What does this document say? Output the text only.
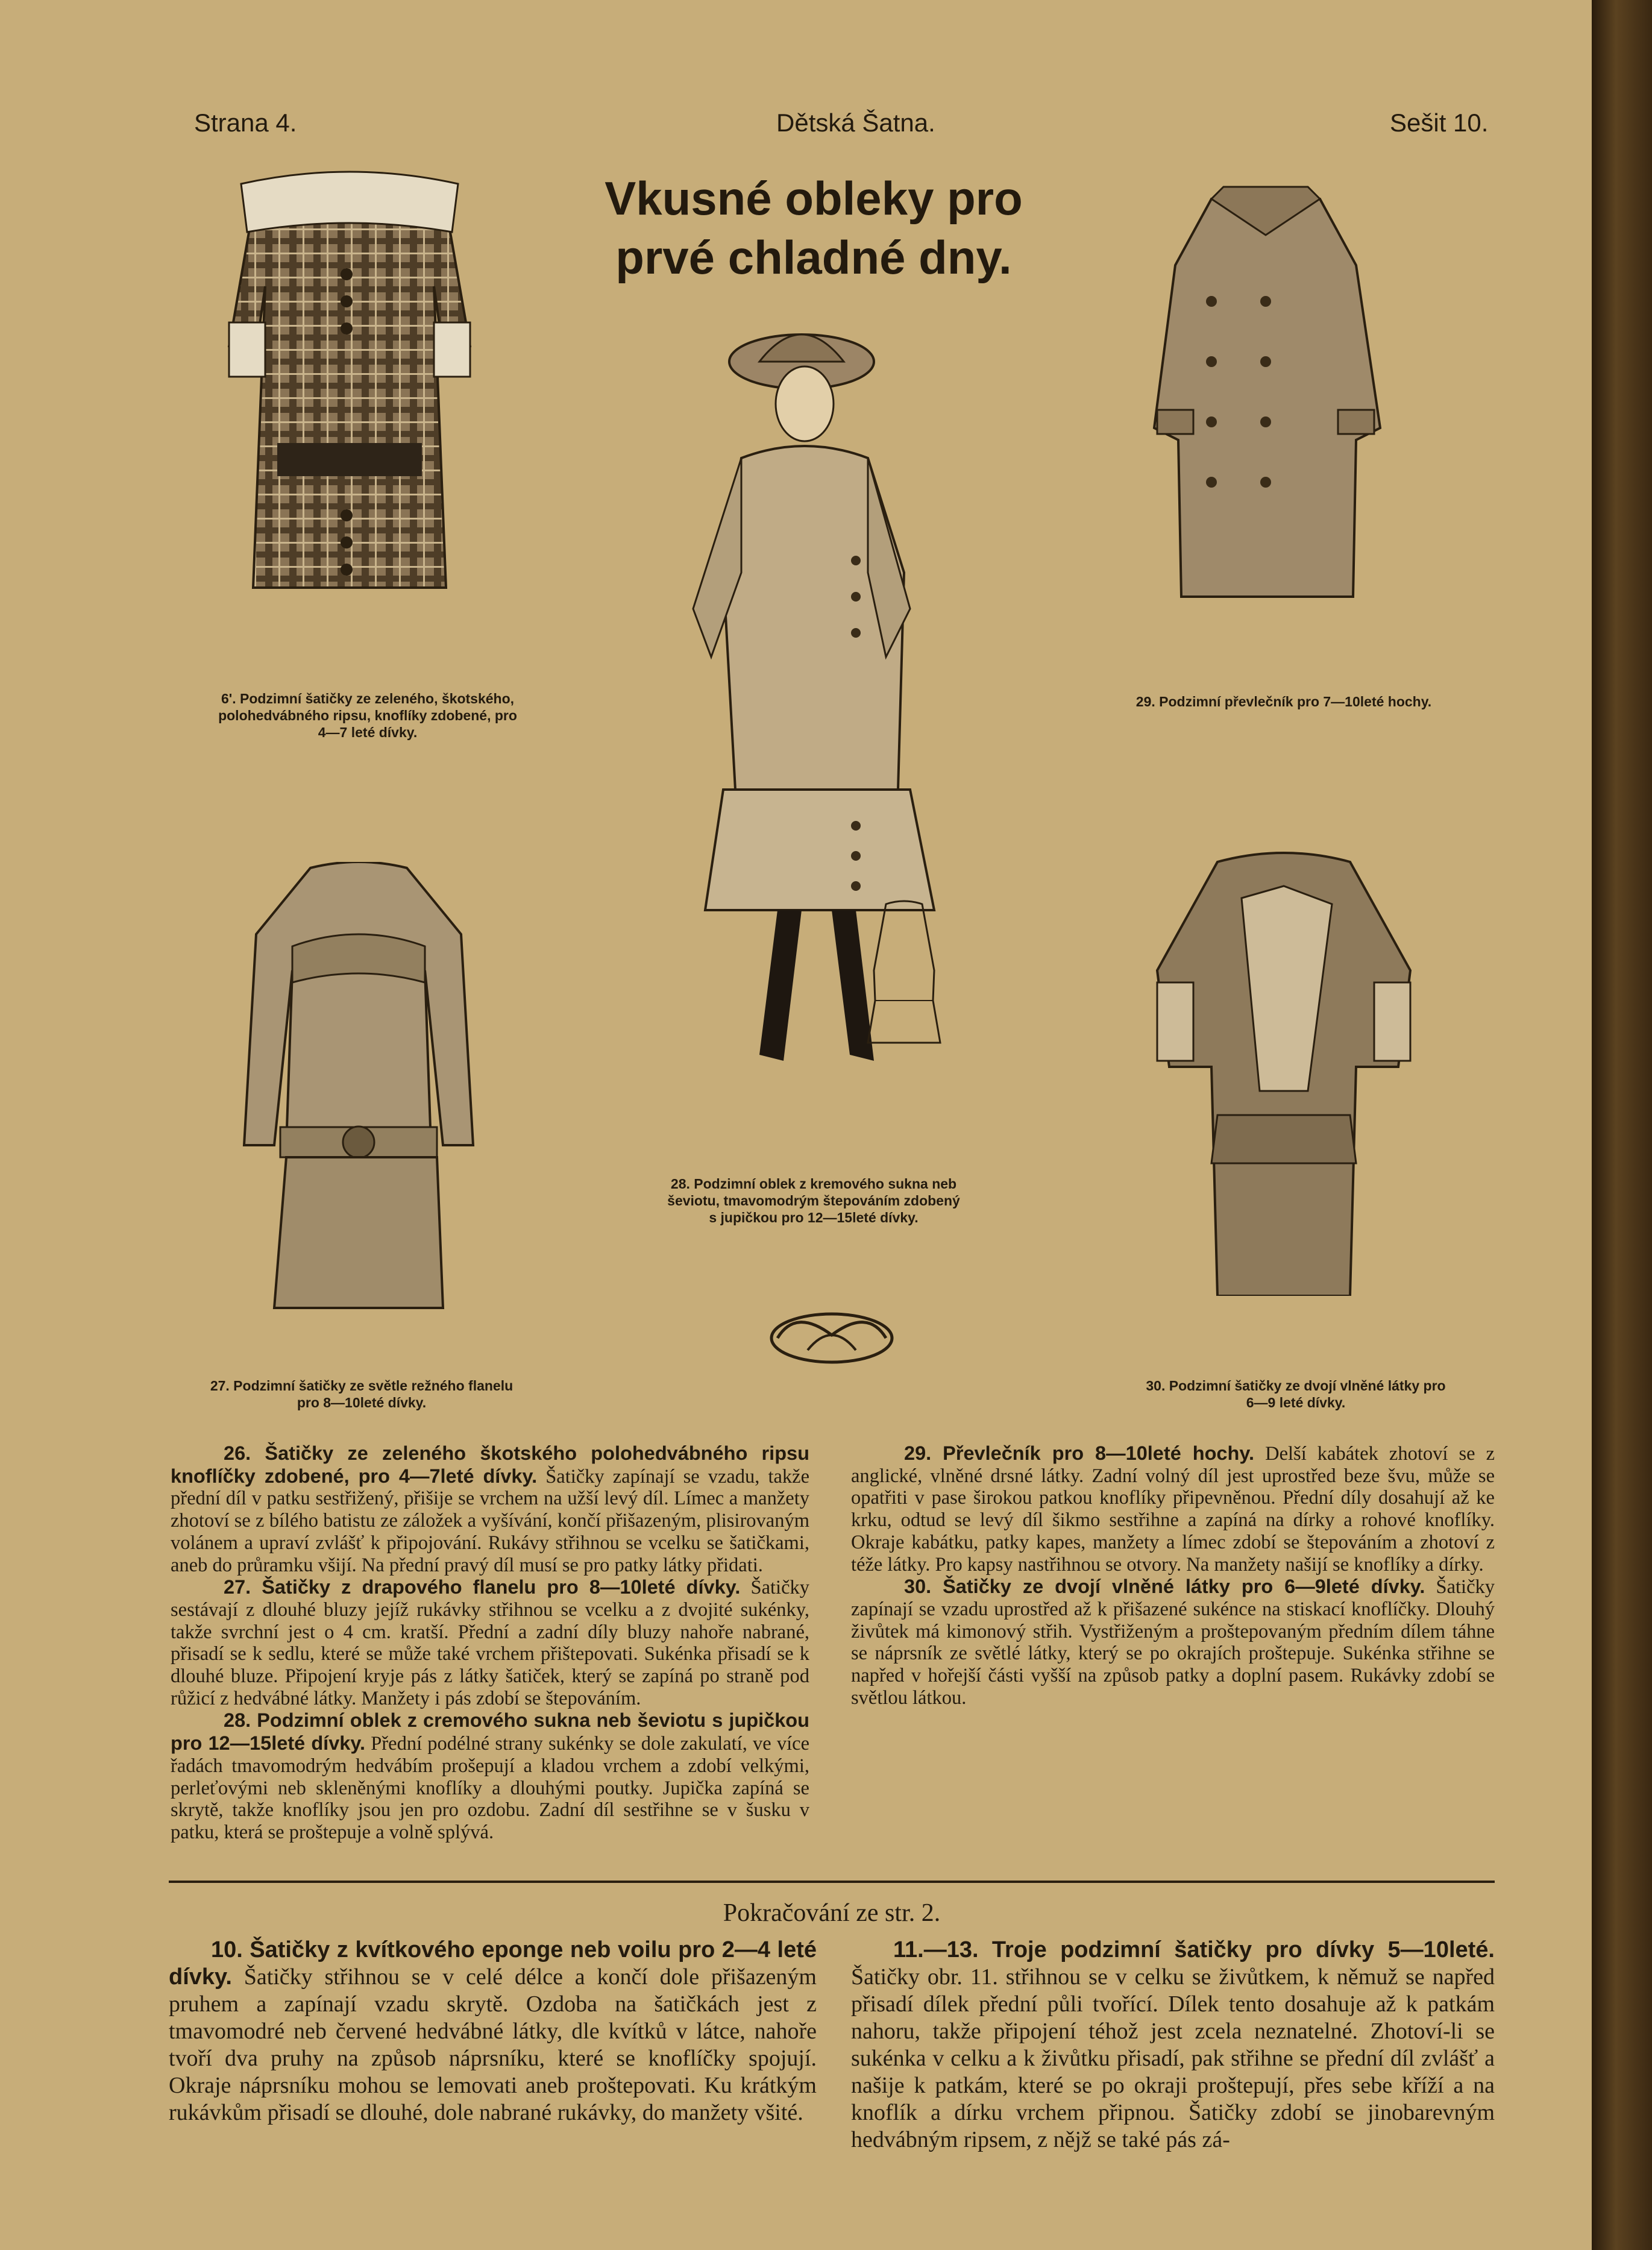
Strana 4.	Dětská Šatna.	Sešit 10.
Vkusné obleky pro
prvé chladné dny.
6'. Podzimní šatičky ze zeleného, škotského,
polohedvábného ripsu, knoflíky zdobené, pro
4—7 leté dívky.
28. Podzimní oblek z kremového sukna neb
ševiotu, tmavomodrým štepováním zdobený
s jupičkou pro 12—15leté dívky.
29. Podzimní převlečník pro 7—10leté hochy.
27. Podzimní šatičky ze světle režného flanelu
pro 8—10leté dívky.
30. Podzimní šatičky ze dvojí vlněné látky pro
6—9 leté dívky.

26. Šatičky ze zeleného škotského polohedvábného ripsu knoflíčky zdobené, pro 4—7leté dívky. Šatičky zapínají se vzadu, takže přední díl v patku sestřižený, přišije se vrchem na užší levý díl. Límec a manžety zhotoví se z bílého batistu ze záložek a vyšívání, končí přišazeným, plisirovaným volánem a upraví zvlášť k připojování. Rukávy střihnou se vcelku se šatičkami, aneb do průramku všijí. Na přední pravý díl musí se pro patky látky přidati.

27. Šatičky z drapového flanelu pro 8—10leté dívky. Šatičky sestávají z dlouhé bluzy jejíž rukávky střihnou se vcelku a z dvojité sukénky, takže svrchní jest o 4 cm. kratší. Přední a zadní díly bluzy nahoře nabrané, přisadí se k sedlu, které se může také vrchem přištepovati. Sukénka přisadí se k dlouhé bluze. Připojení kryje pás z látky šatiček, který se zapíná po straně pod růžicí z hedvábné látky. Manžety i pás zdobí se štepováním.

28. Podzimní oblek z cremového sukna neb ševiotu s jupičkou pro 12—15leté dívky. Přední podélné strany sukénky se dole zakulatí, ve více řadách tmavomodrým hedvábím prošepují a kladou vrchem a zdobí velkými, perleťovými neb skleněnými knoflíky a dlouhými poutky. Jupička zapíná se skrytě, takže knoflíky jsou jen pro ozdobu. Zadní díl sestřihne se v šusku v patku, která se proštepuje a volně splývá.

29. Převlečník pro 8—10leté hochy. Delší kabátek zhotoví se z anglické, vlněné drsné látky. Zadní volný díl jest uprostřed beze švu, může se opatřiti v pase širokou patkou knoflíky připevněnou. Přední díly dosahují až ke krku, odtud se levý díl šikmo sestřihne a zapíná na dírky a rohové knoflíky. Okraje kabátku, patky kapes, manžety a límec zdobí se štepováním a zhotoví z téže látky. Pro kapsy nastřihnou se otvory. Na manžety našijí se knoflíky a dírky.

30. Šatičky ze dvojí vlněné látky pro 6—9leté dívky. Šatičky zapínají se vzadu uprostřed až k přišazené sukénce na stiskací knoflíčky. Dlouhý živůtek má kimonový střih. Vystřiženým a proštepovaným předním dílem táhne se náprsník ze světlé látky, který se po okrajích proštepuje. Sukénka střihne se napřed v hořejší části vyšší na způsob patky a doplní pasem. Rukávky zdobí se světlou látkou.

Pokračování ze str. 2.

10. Šatičky z kvítkového eponge neb voilu pro 2—4 leté dívky. Šatičky střihnou se v celé délce a končí dole přišazeným pruhem a zapínají vzadu skrytě. Ozdoba na šatičkách jest z tmavomodré neb červené hedvábné látky, dle kvítků v látce, nahoře tvoří dva pruhy na způsob náprsníku, které se knoflíčky spojují. Okraje náprsníku mohou se lemovati aneb proštepovati. Ku krátkým rukávkům přisadí se dlouhé, dole nabrané rukávky, do manžety všité.

11.—13. Troje podzimní šatičky pro dívky 5—10leté. Šatičky obr. 11. střihnou se v celku se živůtkem, k němuž se napřed přisadí dílek přední půli tvořící. Dílek tento dosahuje až k patkám nahoru, takže připojení téhož jest zcela neznatelné. Zhotoví-li se sukénka v celku a k živůtku přisadí, pak střihne se přední díl zvlášť a našije k patkám, které se po okraji proštepují, přes sebe kříží a na knoflík a dírku vrchem připnou. Šatičky zdobí se jinobarevným hedvábným ripsem, z nějž se také pás zá-
